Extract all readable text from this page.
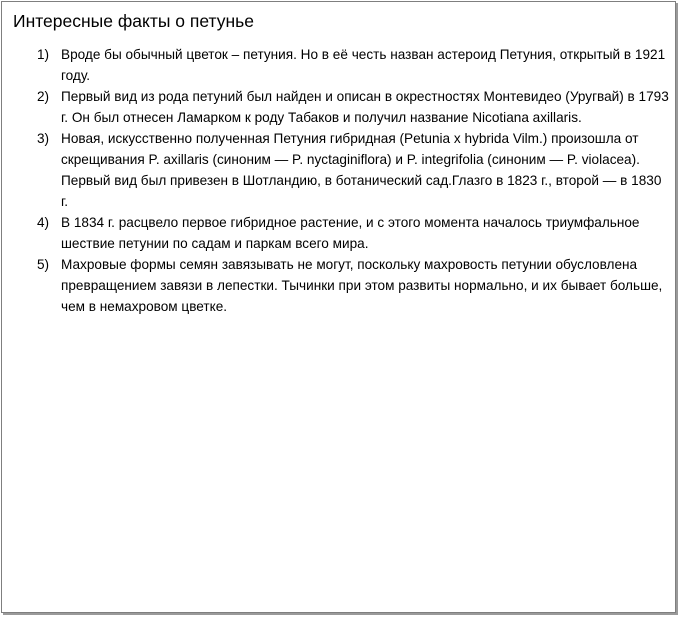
Интересные факты о петунье
1) Вроде бы обычный цветок – петуния. Но в её честь назван астероид Петуния, открытый в 1921 году.
2) Первый вид из рода петуний был найден и описан в окрестностях Монтевидео (Уругвай) в 1793 г. Он был отнесен Ламарком к роду Табаков и получил название Nicotiana axillaris.
3) Новая, искусственно полученная Петуния гибридная (Petunia x hybrida Vilm.) произошла от скрещивания P. axillaris (синоним — P. nyctaginiflora) и P. integrifolia (синоним — P. violacea). Первый вид был привезен в Шотландию, в ботанический сад.Глазго в 1823 г., второй — в 1830 г.
4) В 1834 г. расцвело первое гибридное растение, и с этого момента началось триумфальное шествие петунии по садам и паркам всего мира.
5) Махровые формы семян завязывать не могут, поскольку махровость петунии обусловлена превращением завязи в лепестки. Тычинки при этом развиты нормально, и их бывает больше, чем в немахровом цветке.
